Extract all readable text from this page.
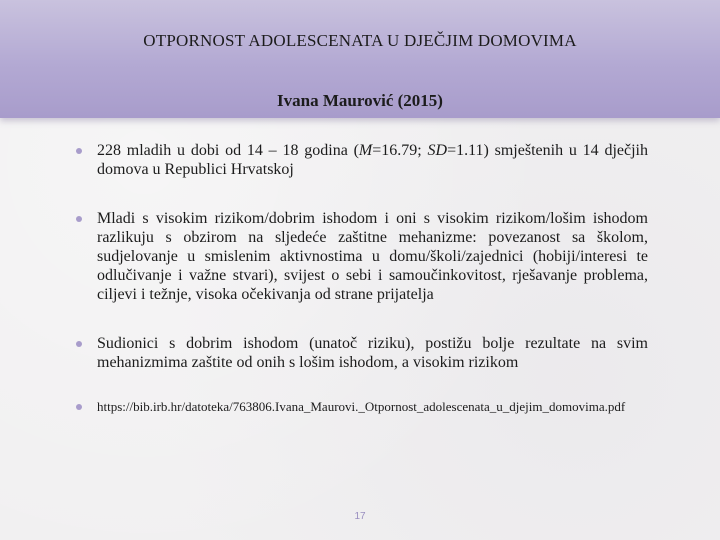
OTPORNOST ADOLESCENATA U DJEČJIM DOMOVIMA
Ivana Maurović (2015)
228 mladih u dobi od 14 – 18 godina (M=16.79; SD=1.11) smještenih u 14 dječjih domova u Republici Hrvatskoj
Mladi s visokim rizikom/dobrim ishodom i oni s visokim rizikom/lošim ishodom razlikuju s obzirom na sljedeće zaštitne mehanizme: povezanost sa školom, sudjelovanje u smislenim aktivnostima u domu/školi/zajednici (hobiji/interesi te odlučivanje i važne stvari), svijest o sebi i samoučinkovitost, rješavanje problema, ciljevi i težnje, visoka očekivanja od strane prijatelja
Sudionici s dobrim ishodom (unatoč riziku), postižu bolje rezultate na svim mehanizmima zaštite od onih s lošim ishodom, a visokim rizikom
https://bib.irb.hr/datoteka/763806.Ivana_Maurovi._Otpornost_adolescenata_u_djejim_domovima.pdf
17
